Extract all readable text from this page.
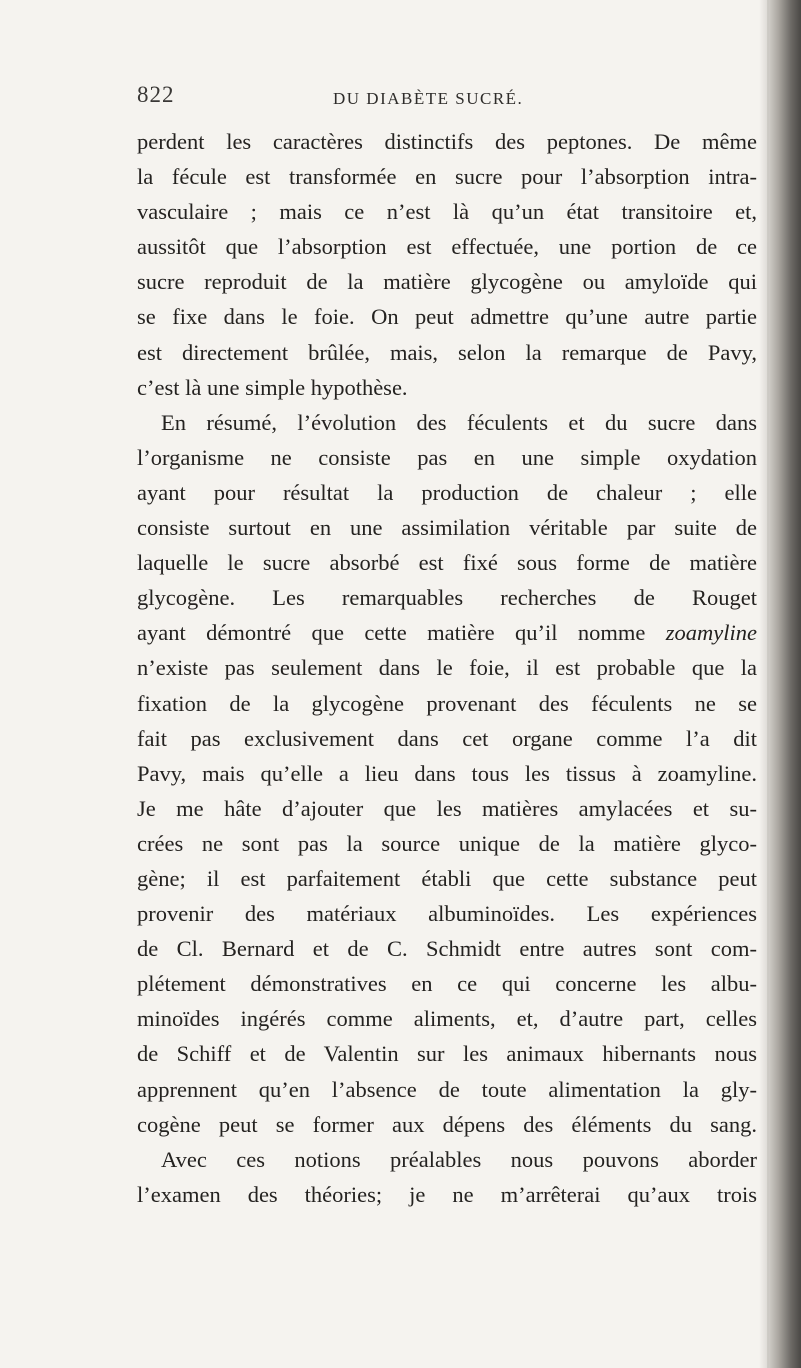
822	DU DIABÈTE SUCRÉ.
perdent les caractères distinctifs des peptones. De même
la fécule est transformée en sucre pour l’absorption intra-
vasculaire ; mais ce n’est là qu’un état transitoire et,
aussitôt que l’absorption est effectuée, une portion de ce
sucre reproduit de la matière glycogène ou amyloïde qui
se fixe dans le foie. On peut admettre qu’une autre partie
est directement brûlée, mais, selon la remarque de Pavy,
c’est là une simple hypothèse.
En résumé, l’évolution des féculents et du sucre dans
l’organisme ne consiste pas en une simple oxydation
ayant pour résultat la production de chaleur ; elle
consiste surtout en une assimilation véritable par suite de
laquelle le sucre absorbé est fixé sous forme de matière
glycogène. Les remarquables recherches de Rouget
ayant démontré que cette matière qu’il nomme zoamyline
n’existe pas seulement dans le foie, il est probable que la
fixation de la glycogène provenant des féculents ne se
fait pas exclusivement dans cet organe comme l’a dit
Pavy, mais qu’elle a lieu dans tous les tissus à zoamyline.
Je me hâte d’ajouter que les matières amylacées et su-
crées ne sont pas la source unique de la matière glyco-
gène; il est parfaitement établi que cette substance peut
provenir des matériaux albuminoïdes. Les expériences
de Cl. Bernard et de C. Schmidt entre autres sont com-
plétement démonstratives en ce qui concerne les albu-
minoïdes ingérés comme aliments, et, d’autre part, celles
de Schiff et de Valentin sur les animaux hibernants nous
apprennent qu’en l’absence de toute alimentation la gly-
cogène peut se former aux dépens des éléments du sang.
Avec ces notions préalables nous pouvons aborder
l’examen des théories; je ne m’arrêterai qu’aux trois
